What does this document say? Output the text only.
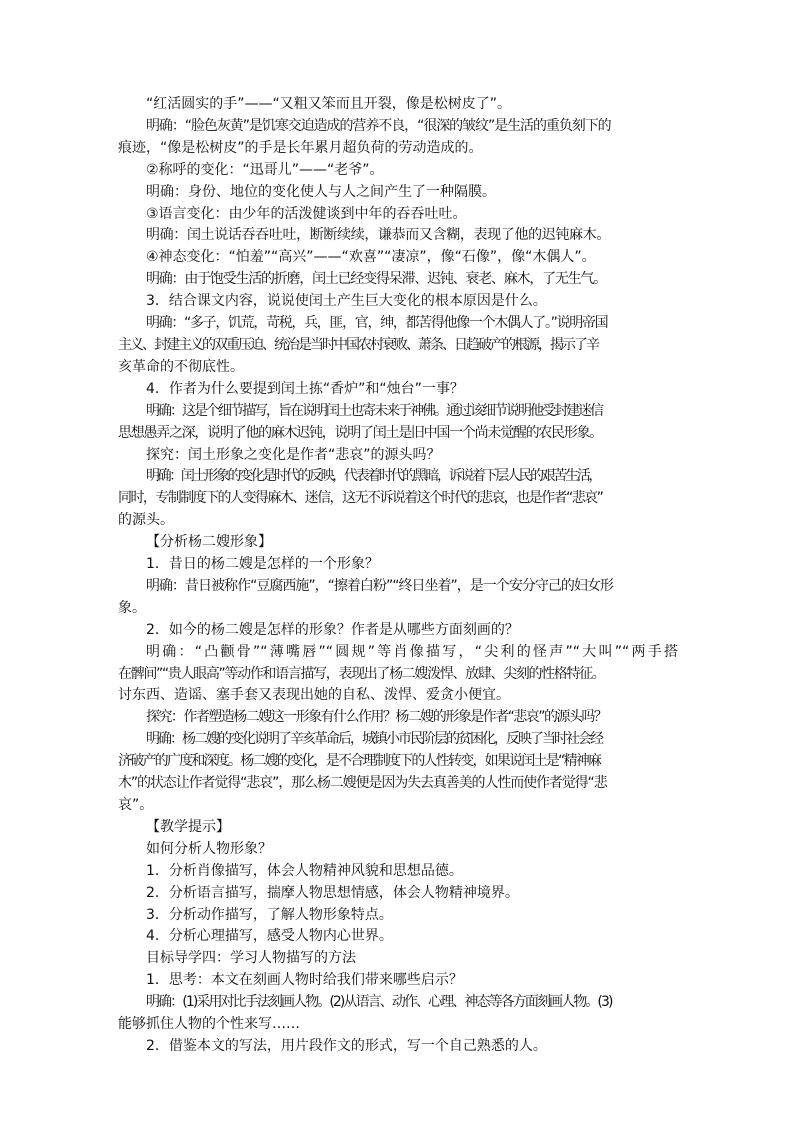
“红活圆实的手”——“又粗又笨而且开裂，像是松树皮了”。

明确：“脸色灰黄”是饥寒交迫造成的营养不良，“很深的皱纹”是生活的重负刻下的

痕迹，“像是松树皮”的手是长年累月超负荷的劳动造成的。

②称呼的变化：“迅哥儿”——“老爷”。

明确：身份、地位的变化使人与人之间产生了一种隔膜。

③语言变化：由少年的活泼健谈到中年的吞吞吐吐。

明确：闰土说话吞吞吐吐，断断续续，谦恭而又含糊，表现了他的迟钝麻木。

④神态变化：“怕羞”“高兴”——“欢喜”“凄凉”，像“石像”，像“木偶人”。

明确：由于饱受生活的折磨，闰土已经变得呆滞、迟钝、衰老、麻木，了无生气。

3．结合课文内容，说说使闰土产生巨大变化的根本原因是什么。

明确：“多子，饥荒，苛税，兵，匪，官，绅，都苦得他像一个木偶人了。”说明帝国

主义、封建主义的双重压迫、统治是当时中国农村衰败、萧条、日趋破产的根源，揭示了辛

亥革命的不彻底性。

4．作者为什么要提到闰土拣“香炉”和“烛台”一事？

明确：这是个细节描写，旨在说明闰土也寄未来于神佛。通过该细节说明他受封建迷信

思想愚弄之深，说明了他的麻木迟钝，说明了闰土是旧中国一个尚未觉醒的农民形象。

探究：闰土形象之变化是作者“悲哀”的源头吗？

明确：闰土形象的变化是时代的反映，代表着时代的黑暗，诉说着下层人民的艰苦生活，

同时，专制制度下的人变得麻木、迷信，这无不诉说着这个时代的悲哀，也是作者“悲哀”

的源头。

【分析杨二嫂形象】

1．昔日的杨二嫂是怎样的一个形象？

明确：昔日被称作“豆腐西施”，“擦着白粉”“终日坐着”，是一个安分守己的妇女形

象。

2．如今的杨二嫂是怎样的形象？作者是从哪些方面刻画的？

明确：“凸颧骨”“薄嘴唇”“圆规”等肖像描写，“尖利的怪声”“大叫”“两手搭

在髀间”“贵人眼高”等动作和语言描写，表现出了杨二嫂泼悍、放肆、尖刻的性格特征。

讨东西、造谣、塞手套又表现出她的自私、泼悍、爱贪小便宜。

探究：作者塑造杨二嫂这一形象有什么作用？杨二嫂的形象是作者“悲哀”的源头吗？

明确：杨二嫂的变化说明了辛亥革命后，城镇小市民阶层的贫困化，反映了当时社会经

济破产的广度和深度。杨二嫂的变化，是不合理制度下的人性转变，如果说闰土是“精神麻

木”的状态让作者觉得“悲哀”，那么杨二嫂便是因为失去真善美的人性而使作者觉得“悲

哀”。

【教学提示】

如何分析人物形象？

1．分析肖像描写，体会人物精神风貌和思想品德。

2．分析语言描写，揣摩人物思想情感，体会人物精神境界。

3．分析动作描写，了解人物形象特点。

4．分析心理描写，感受人物内心世界。

目标导学四：学习人物描写的方法

1．思考：本文在刻画人物时给我们带来哪些启示？

明确：(1)采用对比手法刻画人物。(2)从语言、动作、心理、神态等各方面刻画人物。(3)

能够抓住人物的个性来写……

2．借鉴本文的写法，用片段作文的形式，写一个自己熟悉的人。
